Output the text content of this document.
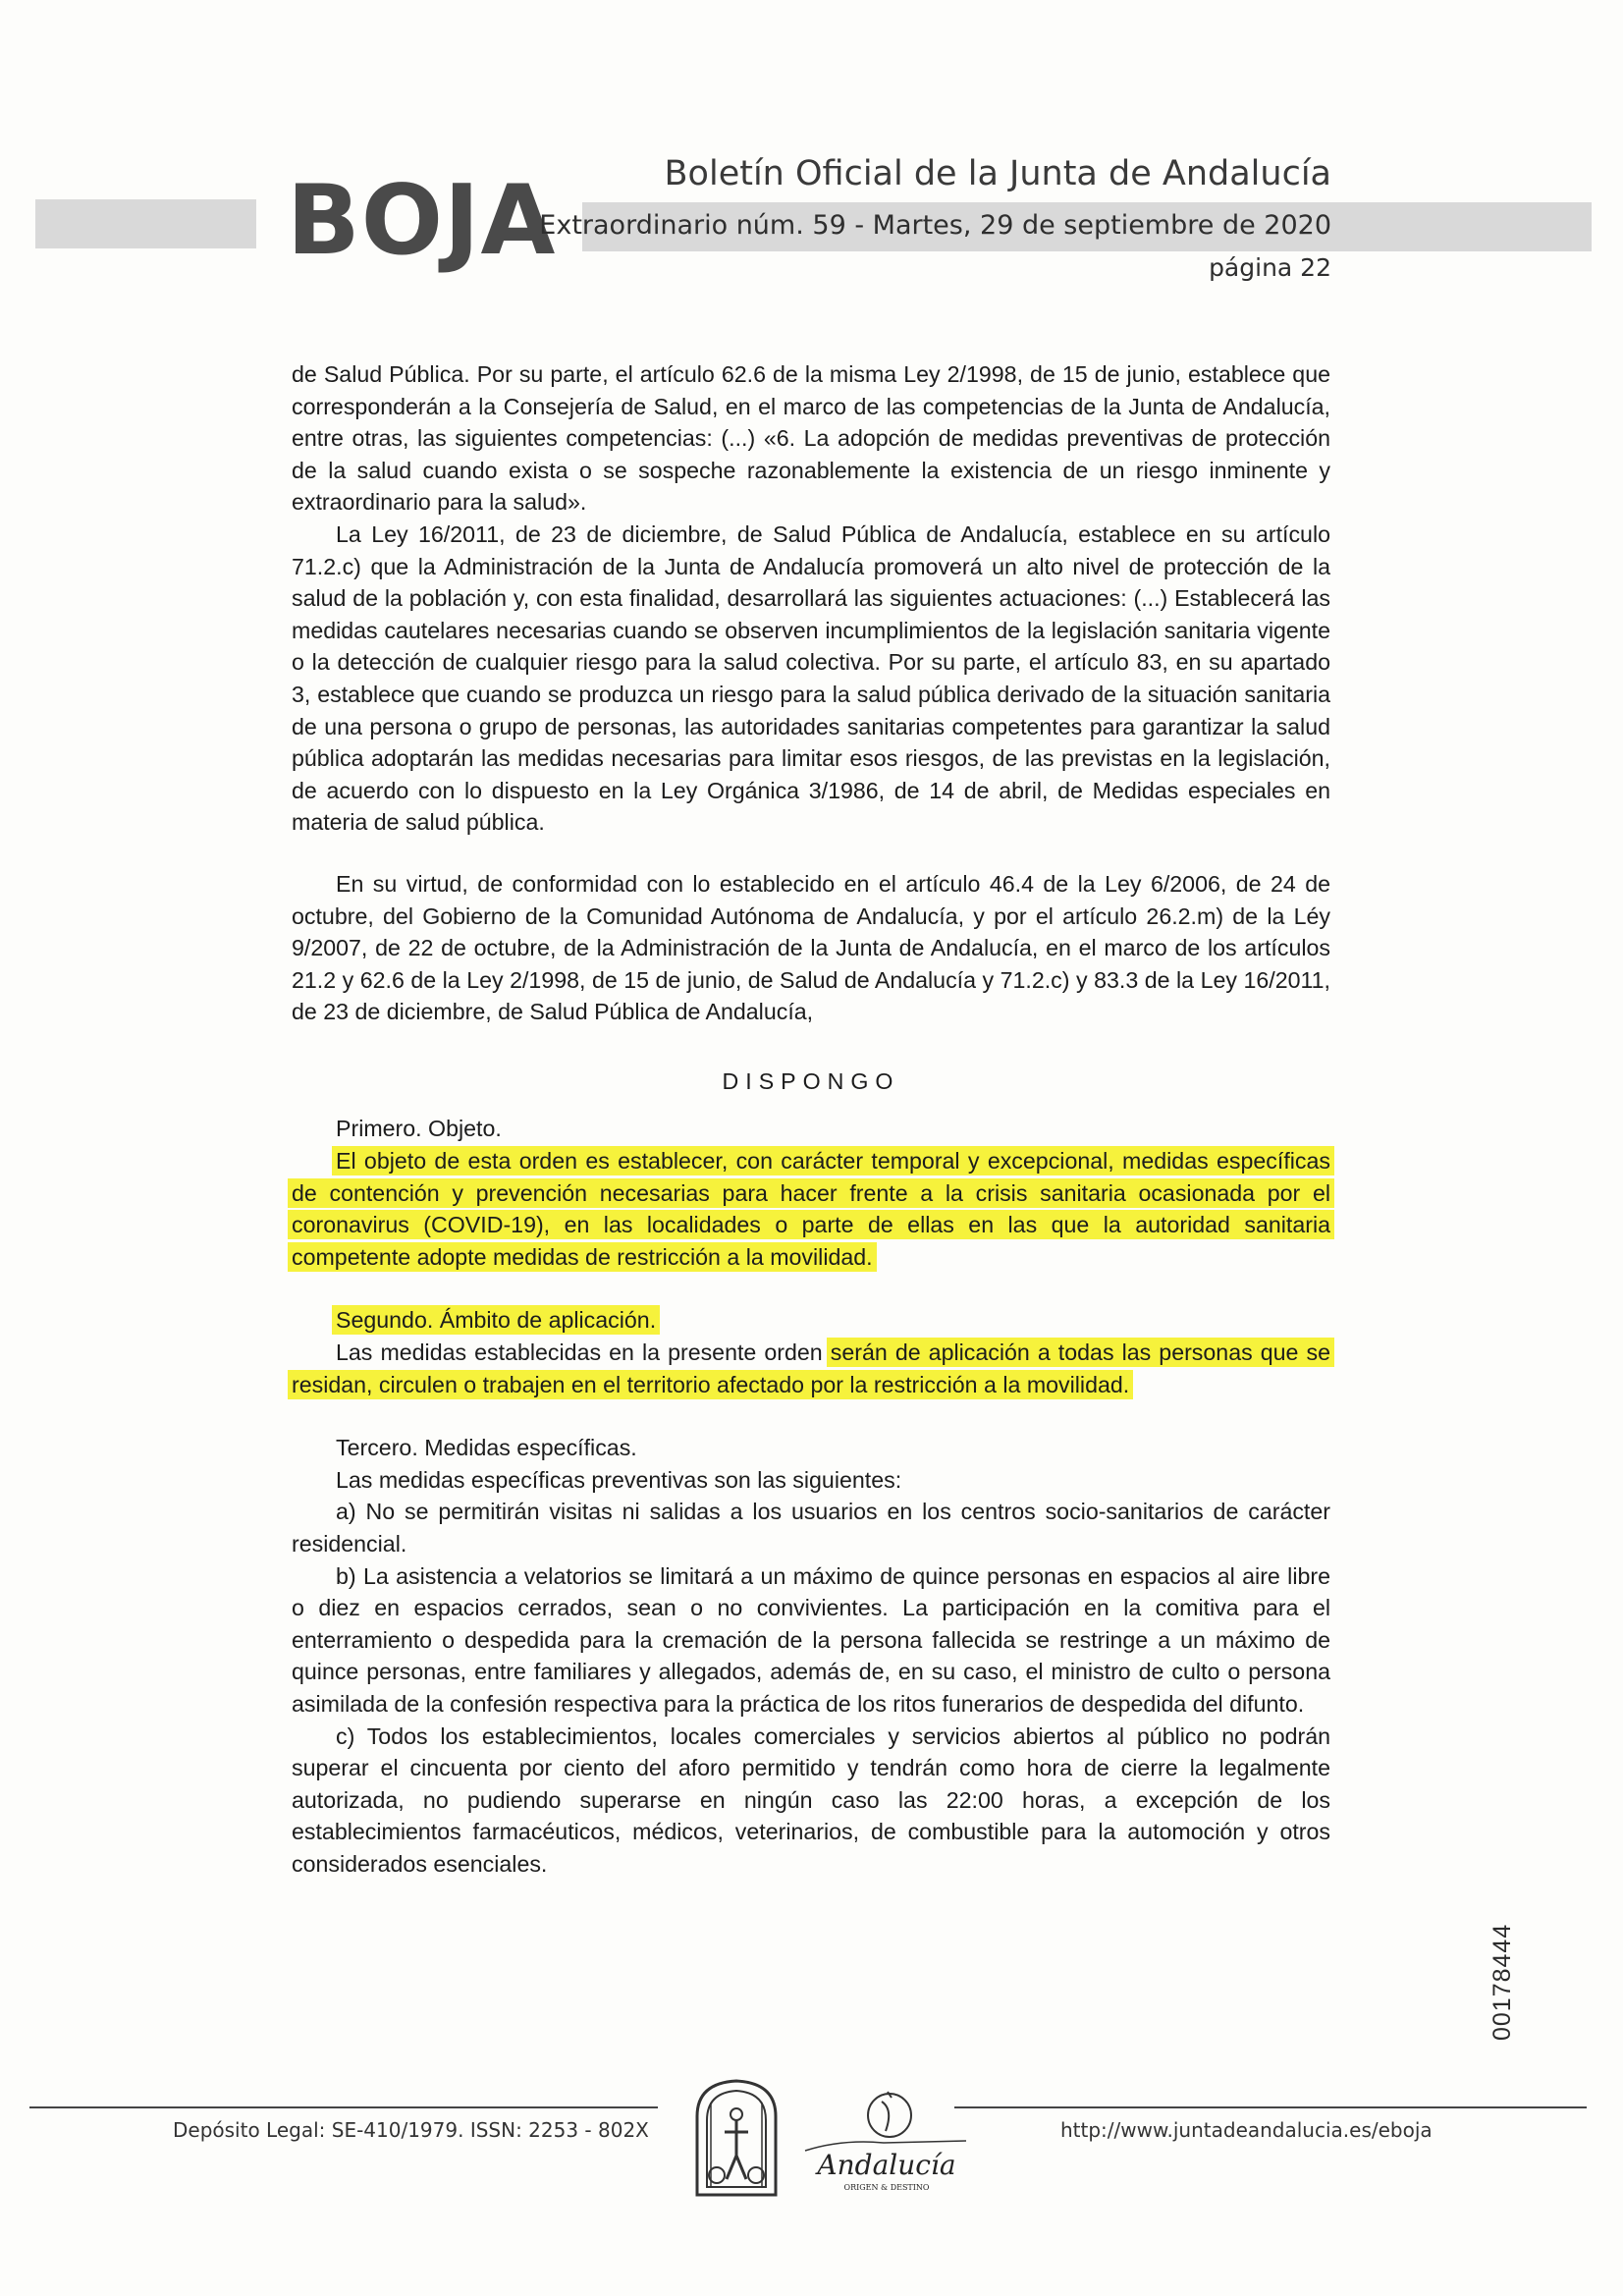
BOJA	Boletín Oficial de la Junta de Andalucía
Extraordinario núm. 59 - Martes, 29 de septiembre de 2020
página 22

de Salud Pública. Por su parte, el artículo 62.6 de la misma Ley 2/1998, de 15 de junio, establece que corresponderán a la Consejería de Salud, en el marco de las competencias de la Junta de Andalucía, entre otras, las siguientes competencias: (...) «6. La adopción de medidas preventivas de protección de la salud cuando exista o se sospeche razonablemente la existencia de un riesgo inminente y extraordinario para la salud».

La Ley 16/2011, de 23 de diciembre, de Salud Pública de Andalucía, establece en su artículo 71.2.c) que la Administración de la Junta de Andalucía promoverá un alto nivel de protección de la salud de la población y, con esta finalidad, desarrollará las siguientes actuaciones: (...) Establecerá las medidas cautelares necesarias cuando se observen incumplimientos de la legislación sanitaria vigente o la detección de cualquier riesgo para la salud colectiva. Por su parte, el artículo 83, en su apartado 3, establece que cuando se produzca un riesgo para la salud pública derivado de la situación sanitaria de una persona o grupo de personas, las autoridades sanitarias competentes para garantizar la salud pública adoptarán las medidas necesarias para limitar esos riesgos, de las previstas en la legislación, de acuerdo con lo dispuesto en la Ley Orgánica 3/1986, de 14 de abril, de Medidas especiales en materia de salud pública.

En su virtud, de conformidad con lo establecido en el artículo 46.4 de la Ley 6/2006, de 24 de octubre, del Gobierno de la Comunidad Autónoma de Andalucía, y por el artículo 26.2.m) de la Léy 9/2007, de 22 de octubre, de la Administración de la Junta de Andalucía, en el marco de los artículos 21.2 y 62.6 de la Ley 2/1998, de 15 de junio, de Salud de Andalucía y 71.2.c) y 83.3 de la Ley 16/2011, de 23 de diciembre, de Salud Pública de Andalucía,

DISPONGO

Primero. Objeto.

El objeto de esta orden es establecer, con carácter temporal y excepcional, medidas específicas de contención y prevención necesarias para hacer frente a la crisis sanitaria ocasionada por el coronavirus (COVID-19), en las localidades o parte de ellas en las que la autoridad sanitaria competente adopte medidas de restricción a la movilidad.

Segundo. Ámbito de aplicación.

Las medidas establecidas en la presente orden serán de aplicación a todas las personas que se residan, circulen o trabajen en el territorio afectado por la restricción a la movilidad.

Tercero. Medidas específicas.

Las medidas específicas preventivas son las siguientes:

a) No se permitirán visitas ni salidas a los usuarios en los centros socio-sanitarios de carácter residencial.

b) La asistencia a velatorios se limitará a un máximo de quince personas en espacios al aire libre o diez en espacios cerrados, sean o no convivientes. La participación en la comitiva para el enterramiento o despedida para la cremación de la persona fallecida se restringe a un máximo de quince personas, entre familiares y allegados, además de, en su caso, el ministro de culto o persona asimilada de la confesión respectiva para la práctica de los ritos funerarios de despedida del difunto.

c) Todos los establecimientos, locales comerciales y servicios abiertos al público no podrán superar el cincuenta por ciento del aforo permitido y tendrán como hora de cierre la legalmente autorizada, no pudiendo superarse en ningún caso las 22:00 horas, a excepción de los establecimientos farmacéuticos, médicos, veterinarios, de combustible para la automoción y otros considerados esenciales.

00178444
Depósito Legal: SE-410/1979. ISSN: 2253 - 802X	http://www.juntadeandalucia.es/eboja
Andalucía
ORIGEN & DESTINO
